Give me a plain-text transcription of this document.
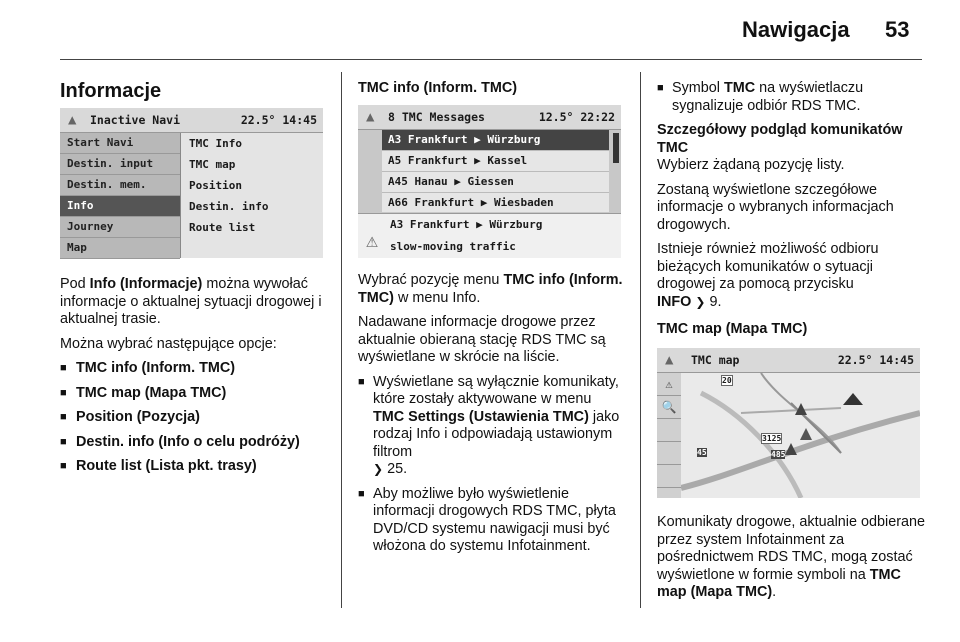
Nawigacja 53
Informacje
▲ Inactive Navi	22.5° 14:45
Start Navi
Destin. input
Destin. mem.
Info
Journey
Map
TMC Info
TMC map
Position
Destin. info
Route list

Pod Info (Informacje) można wywołać informacje o aktualnej sytuacji drogowej i aktualnej trasie.

Można wybrać następujące opcje:

■ TMC info (Inform. TMC)
■ TMC map (Mapa TMC)
■ Position (Pozycja)
■ Destin. info (Info o celu podróży)
■ Route list (Lista pkt. trasy)
TMC info (Inform. TMC)
▲ 8 TMC Messages	12.5° 22:22
A3 Frankfurt ▶ Würzburg
A5 Frankfurt ▶ Kassel
A45 Hanau ▶ Giessen
A66 Frankfurt ▶ Wiesbaden
⚠
A3 Frankfurt ▶ Würzburg
slow-moving traffic

Wybrać pozycję menu TMC info (Inform. TMC) w menu Info.

Nadawane informacje drogowe przez aktualnie obieraną stację RDS TMC są wyświetlane w skrócie na liście.

■ Wyświetlane są wyłącznie komunikaty, które zostały aktywowane w menu TMC Settings (Ustawienia TMC) jako rodzaj Info i odpowiadają ustawionym filtrom
❯ 25.
■ Aby możliwe było wyświetlenie informacji drogowych RDS TMC, płyta DVD/CD systemu nawigacji musi być włożona do systemu Infotainment.
■ Symbol TMC na wyświetlaczu sygnalizuje odbiór RDS TMC.

Szczegółowy podgląd komunikatów TMC

Wybierz żądaną pozycję listy.

Zostaną wyświetlone szczegółowe informacje o wybranych informacjach drogowych.

Istnieje również możliwość odbioru bieżących komunikatów o sytuacji drogowej za pomocą przycisku
INFO ❯ 9.

TMC map (Mapa TMC)
▲ TMC map	22.5° 14:45
⚠
🔍
20
3125
45	485

Komunikaty drogowe, aktualnie odbierane przez system Infotainment za pośrednictwem RDS TMC, mogą zostać wyświetlone w formie symboli na TMC map (Mapa TMC).
